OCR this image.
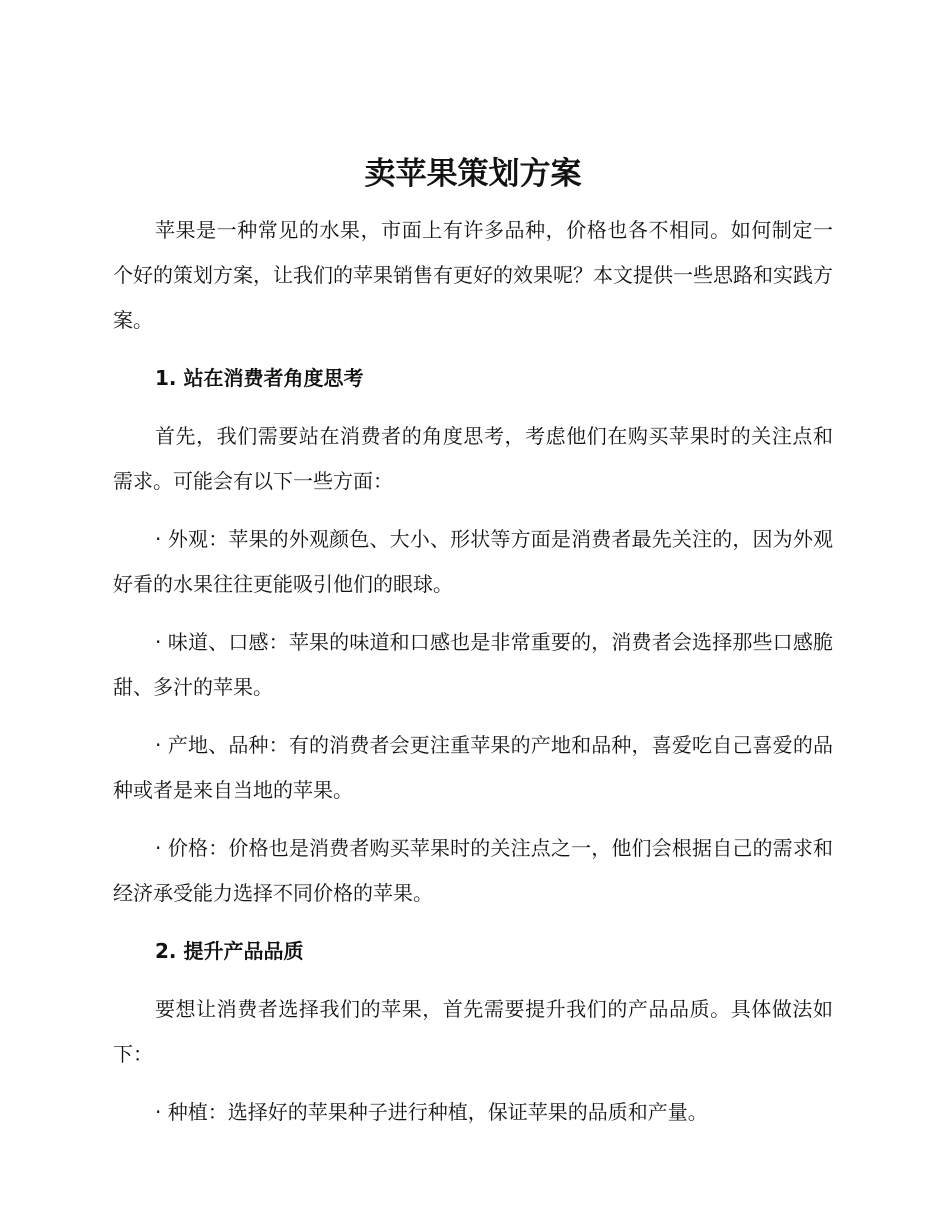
卖苹果策划方案

苹果是一种常见的水果，市面上有许多品种，价格也各不相同。如何制定一个好的策划方案，让我们的苹果销售有更好的效果呢？本文提供一些思路和实践方案。

1. 站在消费者角度思考

首先，我们需要站在消费者的角度思考，考虑他们在购买苹果时的关注点和需求。可能会有以下一些方面：

· 外观：苹果的外观颜色、大小、形状等方面是消费者最先关注的，因为外观好看的水果往往更能吸引他们的眼球。

· 味道、口感：苹果的味道和口感也是非常重要的，消费者会选择那些口感脆甜、多汁的苹果。

· 产地、品种：有的消费者会更注重苹果的产地和品种，喜爱吃自己喜爱的品种或者是来自当地的苹果。

· 价格：价格也是消费者购买苹果时的关注点之一，他们会根据自己的需求和经济承受能力选择不同价格的苹果。

2. 提升产品品质

要想让消费者选择我们的苹果，首先需要提升我们的产品品质。具体做法如下：

· 种植：选择好的苹果种子进行种植，保证苹果的品质和产量。
